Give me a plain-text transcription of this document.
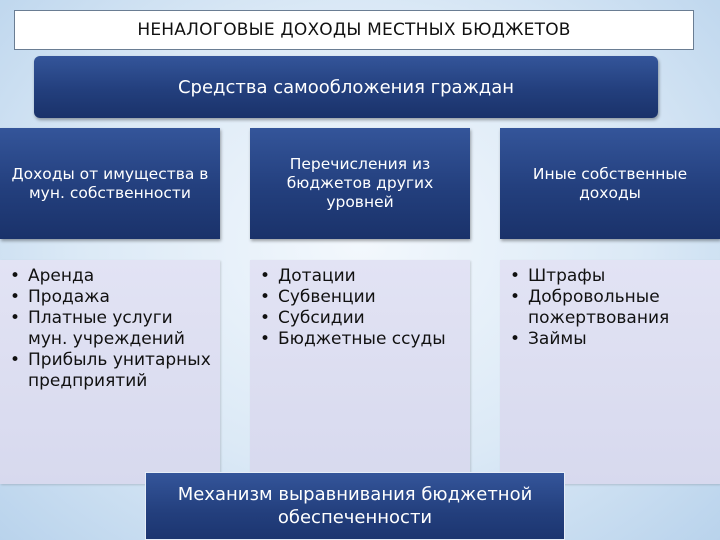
НЕНАЛОГОВЫЕ ДОХОДЫ МЕСТНЫХ БЮДЖЕТОВ
Средства самообложения граждан
Доходы от имущества в мун. собственности
Перечисления из бюджетов других уровней
Иные собственные доходы
• Аренда
• Продажа
• Платные услуги мун. учреждений
• Прибыль унитарных предприятий
• Дотации
• Субвенции
• Субсидии
• Бюджетные ссуды
• Штрафы
• Добровольные пожертвования
• Займы
Механизм выравнивания бюджетной обеспеченности
